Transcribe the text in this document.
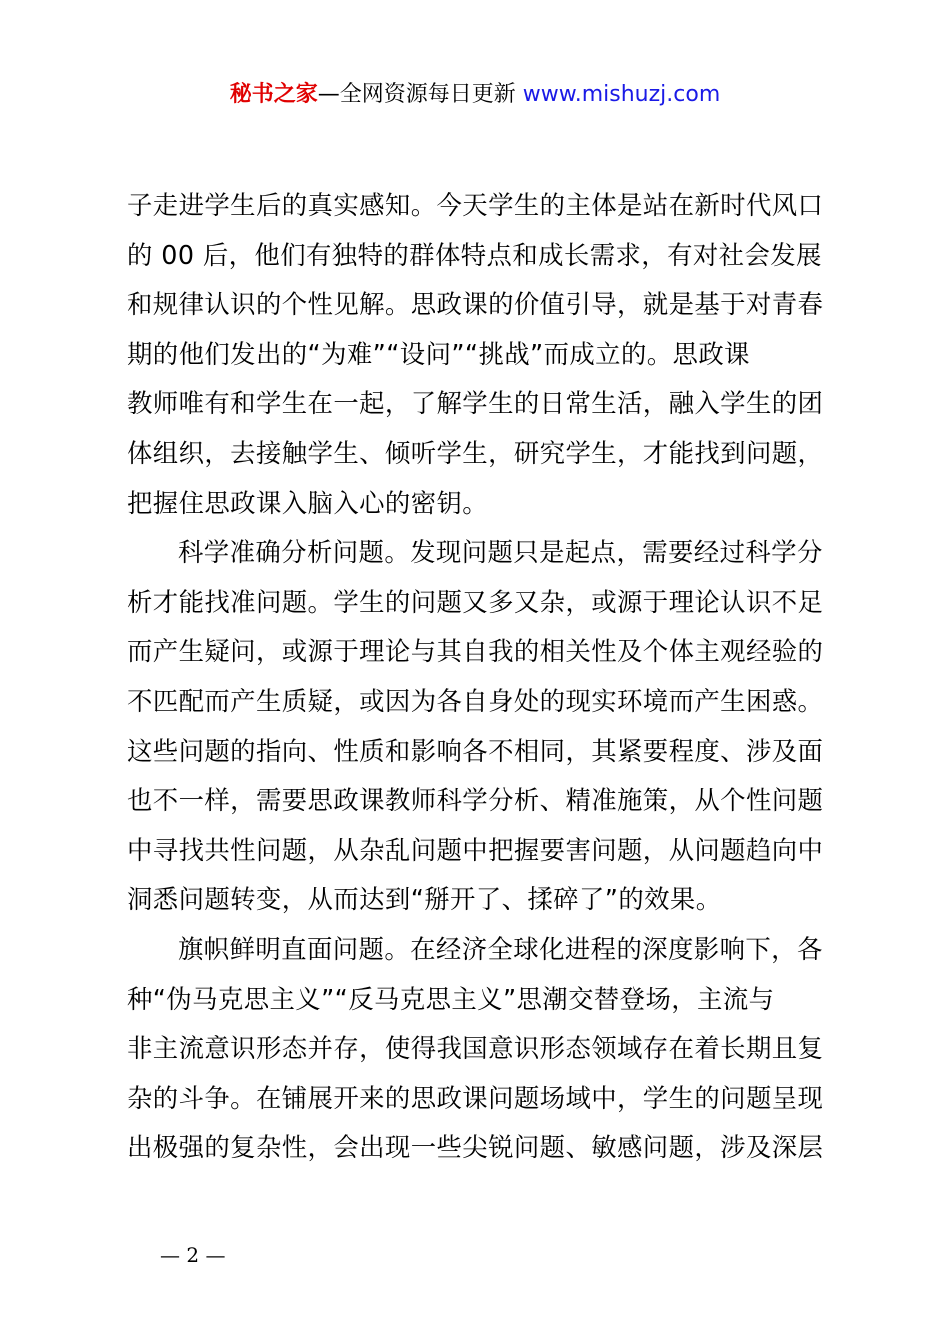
秘书之家—全网资源每日更新 www.mishuzj.com
子走进学生后的真实感知。今天学生的主体是站在新时代风口
的 00 后，他们有独特的群体特点和成长需求，有对社会发展
和规律认识的个性见解。思政课的价值引导，就是基于对青春
期的他们发出的“为难”“设问”“挑战”而成立的。思政课
教师唯有和学生在一起，了解学生的日常生活，融入学生的团
体组织，去接触学生、倾听学生，研究学生，才能找到问题，
把握住思政课入脑入心的密钥。
科学准确分析问题。发现问题只是起点，需要经过科学分
析才能找准问题。学生的问题又多又杂，或源于理论认识不足
而产生疑问，或源于理论与其自我的相关性及个体主观经验的
不匹配而产生质疑，或因为各自身处的现实环境而产生困惑。
这些问题的指向、性质和影响各不相同，其紧要程度、涉及面
也不一样，需要思政课教师科学分析、精准施策，从个性问题
中寻找共性问题，从杂乱问题中把握要害问题，从问题趋向中
洞悉问题转变，从而达到“掰开了、揉碎了”的效果。
旗帜鲜明直面问题。在经济全球化进程的深度影响下，各
种“伪马克思主义”“反马克思主义”思潮交替登场，主流与
非主流意识形态并存，使得我国意识形态领域存在着长期且复
杂的斗争。在铺展开来的思政课问题场域中，学生的问题呈现
出极强的复杂性，会出现一些尖锐问题、敏感问题，涉及深层
— 2 —
